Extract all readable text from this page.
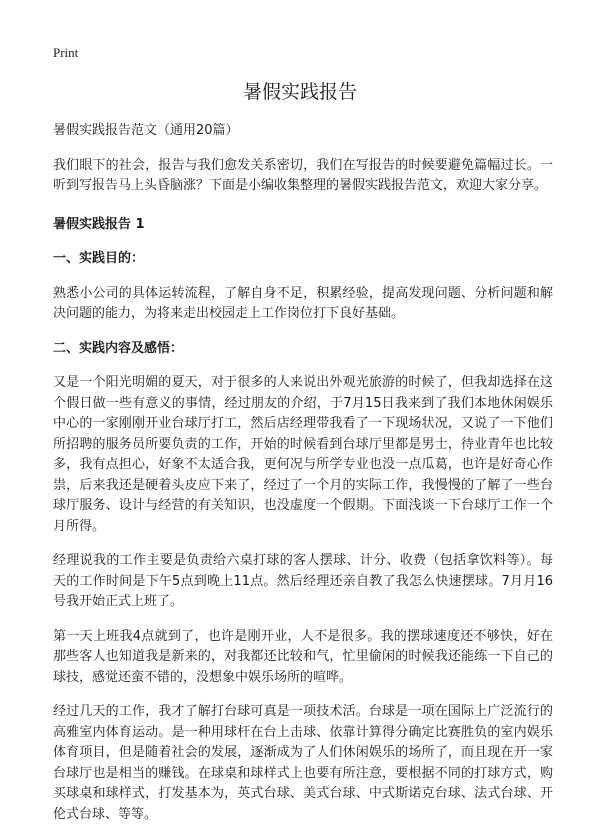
Print
暑假实践报告

暑假实践报告范文（通用20篇）

我们眼下的社会，报告与我们愈发关系密切，我们在写报告的时候要避免篇幅过长。一听到写报告马上头昏脑涨？下面是小编收集整理的暑假实践报告范文，欢迎大家分享。

暑假实践报告 1

一、实践目的：

熟悉小公司的具体运转流程，了解自身不足，积累经验，提高发现问题、分析问题和解决问题的能力，为将来走出校园走上工作岗位打下良好基础。

二、实践内容及感悟：

又是一个阳光明媚的夏天，对于很多的人来说出外观光旅游的时候了，但我却选择在这个假日做一些有意义的事情，经过朋友的介绍，于7月15日我来到了我们本地休闲娱乐中心的一家刚刚开业台球厅打工，然后店经理带我看了一下现场状况，又说了一下他们所招聘的服务员所要负责的工作，开始的时候看到台球厅里都是男士，待业青年也比较多，我有点担心，好象不太适合我，更何况与所学专业也没一点瓜葛，也许是好奇心作祟，后来我还是硬着头皮应下来了，经过了一个月的实际工作，我慢慢的了解了一些台球厅服务、设计与经营的有关知识，也没虚度一个假期。下面浅谈一下台球厅工作一个月所得。

经理说我的工作主要是负责给六桌打球的客人摆球、计分、收费（包括拿饮料等）。每天的工作时间是下午5点到晚上11点。然后经理还亲自教了我怎么快速摆球。7月月16号我开始正式上班了。

第一天上班我4点就到了，也许是刚开业，人不是很多。我的摆球速度还不够快，好在那些客人也知道我是新来的，对我都还比较和气，忙里偷闲的时候我还能练一下自己的球技，感觉还蛮不错的，没想象中娱乐场所的喧哗。

经过几天的工作，我才了解打台球可真是一项技术活。台球是一项在国际上广泛流行的高雅室内体育运动。是一种用球杆在台上击球、依靠计算得分确定比赛胜负的室内娱乐体育项目，但是随着社会的发展，逐渐成为了人们休闲娱乐的场所了，而且现在开一家台球厅也是相当的赚钱。在球桌和球样式上也要有所注意，要根据不同的打球方式，购买球桌和球样式，打发基本为，英式台球、美式台球、中式斯诺克台球、法式台球、开伦式台球、等等。
